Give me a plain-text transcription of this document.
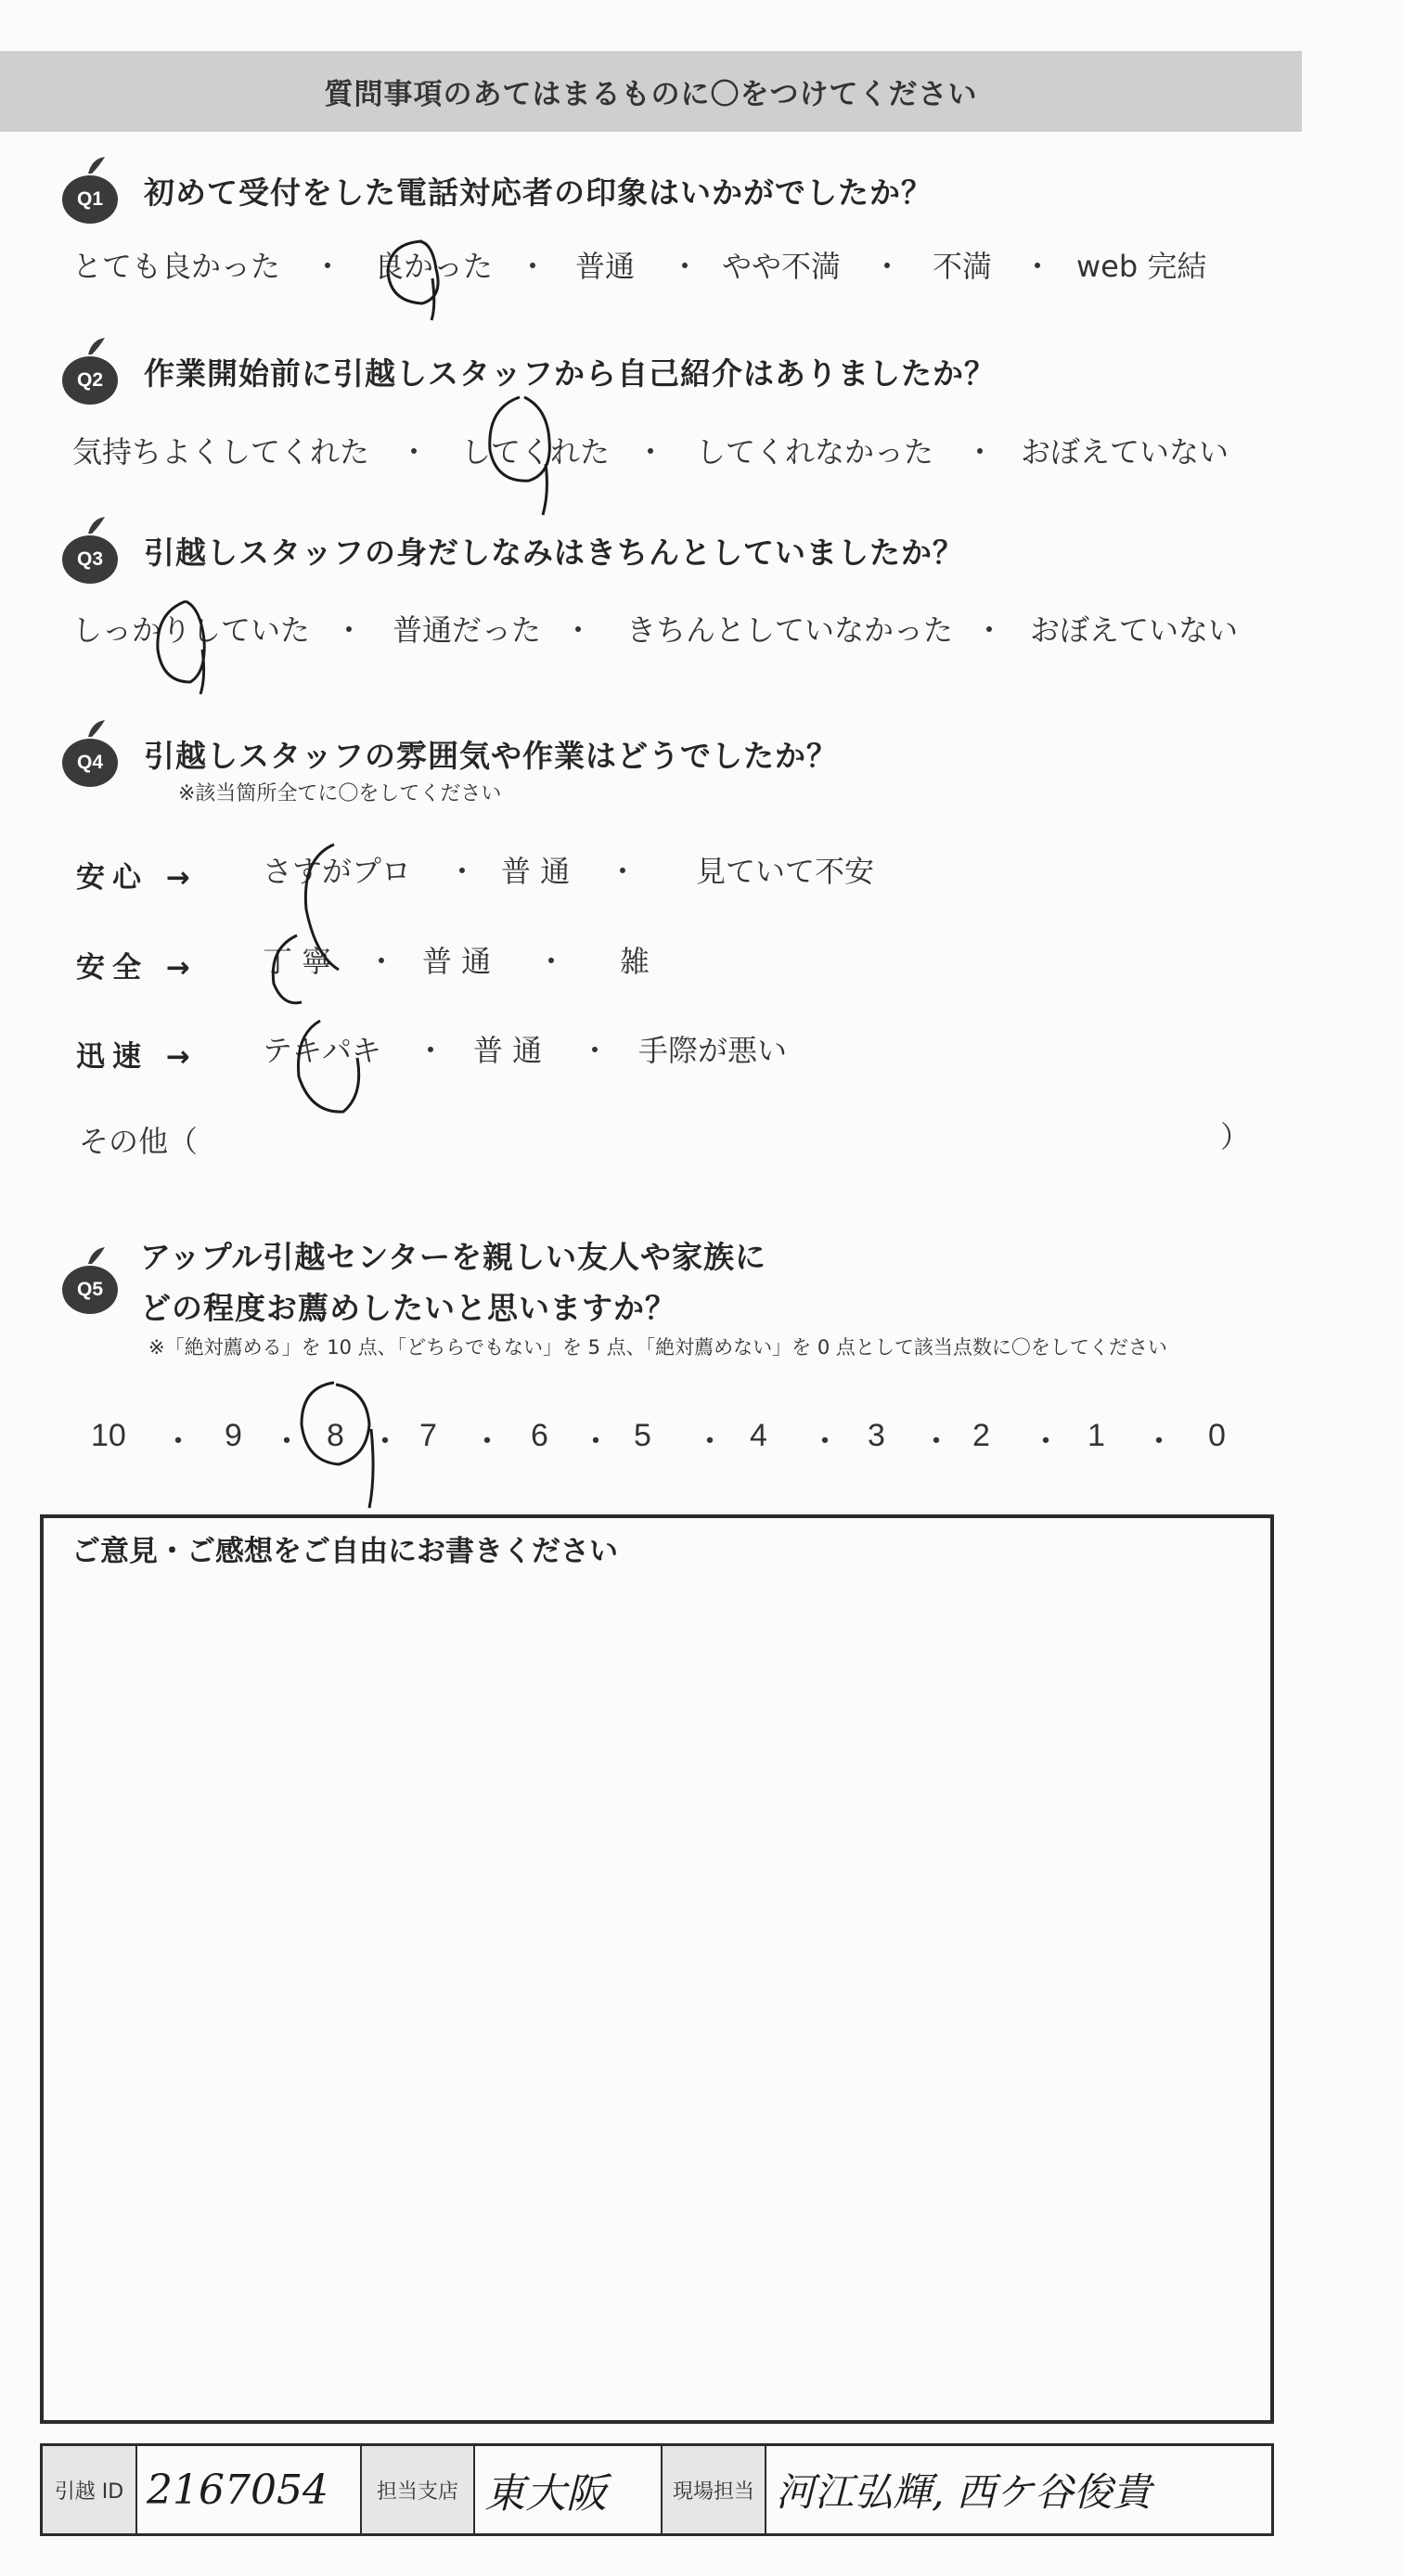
質問事項のあてはまるものに〇をつけてください
Q1	初めて受付をした電話対応者の印象はいかがでしたか？
とても良かった ・ 良かった ・ 普通 ・ やや不満 ・ 不満 ・ web 完結
Q2	作業開始前に引越しスタッフから自己紹介はありましたか？
気持ちよくしてくれた ・ してくれた ・ してくれなかった ・ おぼえていない
Q3	引越しスタッフの身だしなみはきちんとしていましたか？
しっかりしていた ・ 普通だった ・ きちんとしていなかった ・ おぼえていない
Q4	引越しスタッフの雰囲気や作業はどうでしたか？
※該当箇所全てに〇をしてください
安心 → さすがプロ ・ 普 通 ・ 見ていて不安
安全 → 丁 寧 ・ 普 通 ・ 雑
迅速 → テキパキ ・ 普 通 ・ 手際が悪い
その他（	）
Q5
アップル引越センターを親しい友人や家族に
どの程度お薦めしたいと思いますか？
※「絶対薦める」を 10 点、「どちらでもない」を 5 点、「絶対薦めない」を 0 点として該当点数に〇をしてください
10 ・ 9 ・ 8 ・ 7 ・ 6 ・ 5 ・ 4 ・ 3 ・ 2 ・ 1 ・ 0
ご意見・ご感想をご自由にお書きください
引越 ID 2167054	担当支店 東大阪	現場担当 河江弘輝, 西ケ谷俊貴
